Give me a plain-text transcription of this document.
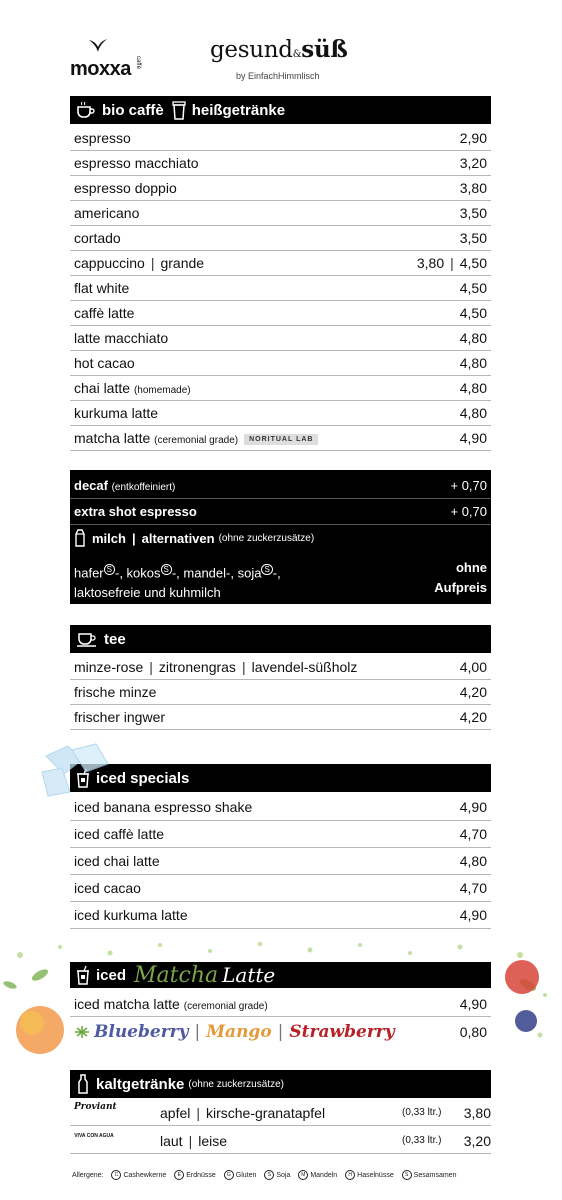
moxxa caffè	gesund&süß
by EinfachHimmlisch
bio caffè heißgetränke
espresso	2,90
espresso macchiato	3,20
espresso doppio	3,80
americano	3,50
cortado	3,50
cappuccino | grande	3,80 | 4,50
flat white	4,50
caffè latte	4,50
latte macchiato	4,80
hot cacao	4,80
chai latte (homemade)	4,80
kurkuma latte	4,80
matcha latte (ceremonial grade) NORITUAL LAB	4,90
decaf (entkoffeiniert)	+ 0,70
extra shot espresso	+ 0,70
milch | alternativen (ohne zuckerzusätze)
hafer $^S$ -, kokos $^S$ -, mandel-, soja $^S$ -,
laktosefreie und kuhmilch
ohne
Aufpreis
tee
minze-rose | zitronengras | lavendel-süßholz	4,00
frische minze	4,20
frischer ingwer	4,20
iced specials
iced banana espresso shake	4,90
iced caffè latte	4,70
iced chai latte	4,80
iced cacao	4,70
iced kurkuma latte	4,90
iced Matcha Latte
iced matcha latte (ceremonial grade)	4,90
Blueberry | Mango | Strawberry	0,80
kaltgetränke (ohne zuckerzusätze)
Proviant	apfel | kirsche-granatapfel	(0,33 ltr.) 3,80
VIVA CON AGUA	laut | leise	(0,33 ltr.) 3,20
Allergene: C Cashewkerne E Erdnüsse G Gluten S Soja M Mandeln H Haselnüsse S Sesamsamen
